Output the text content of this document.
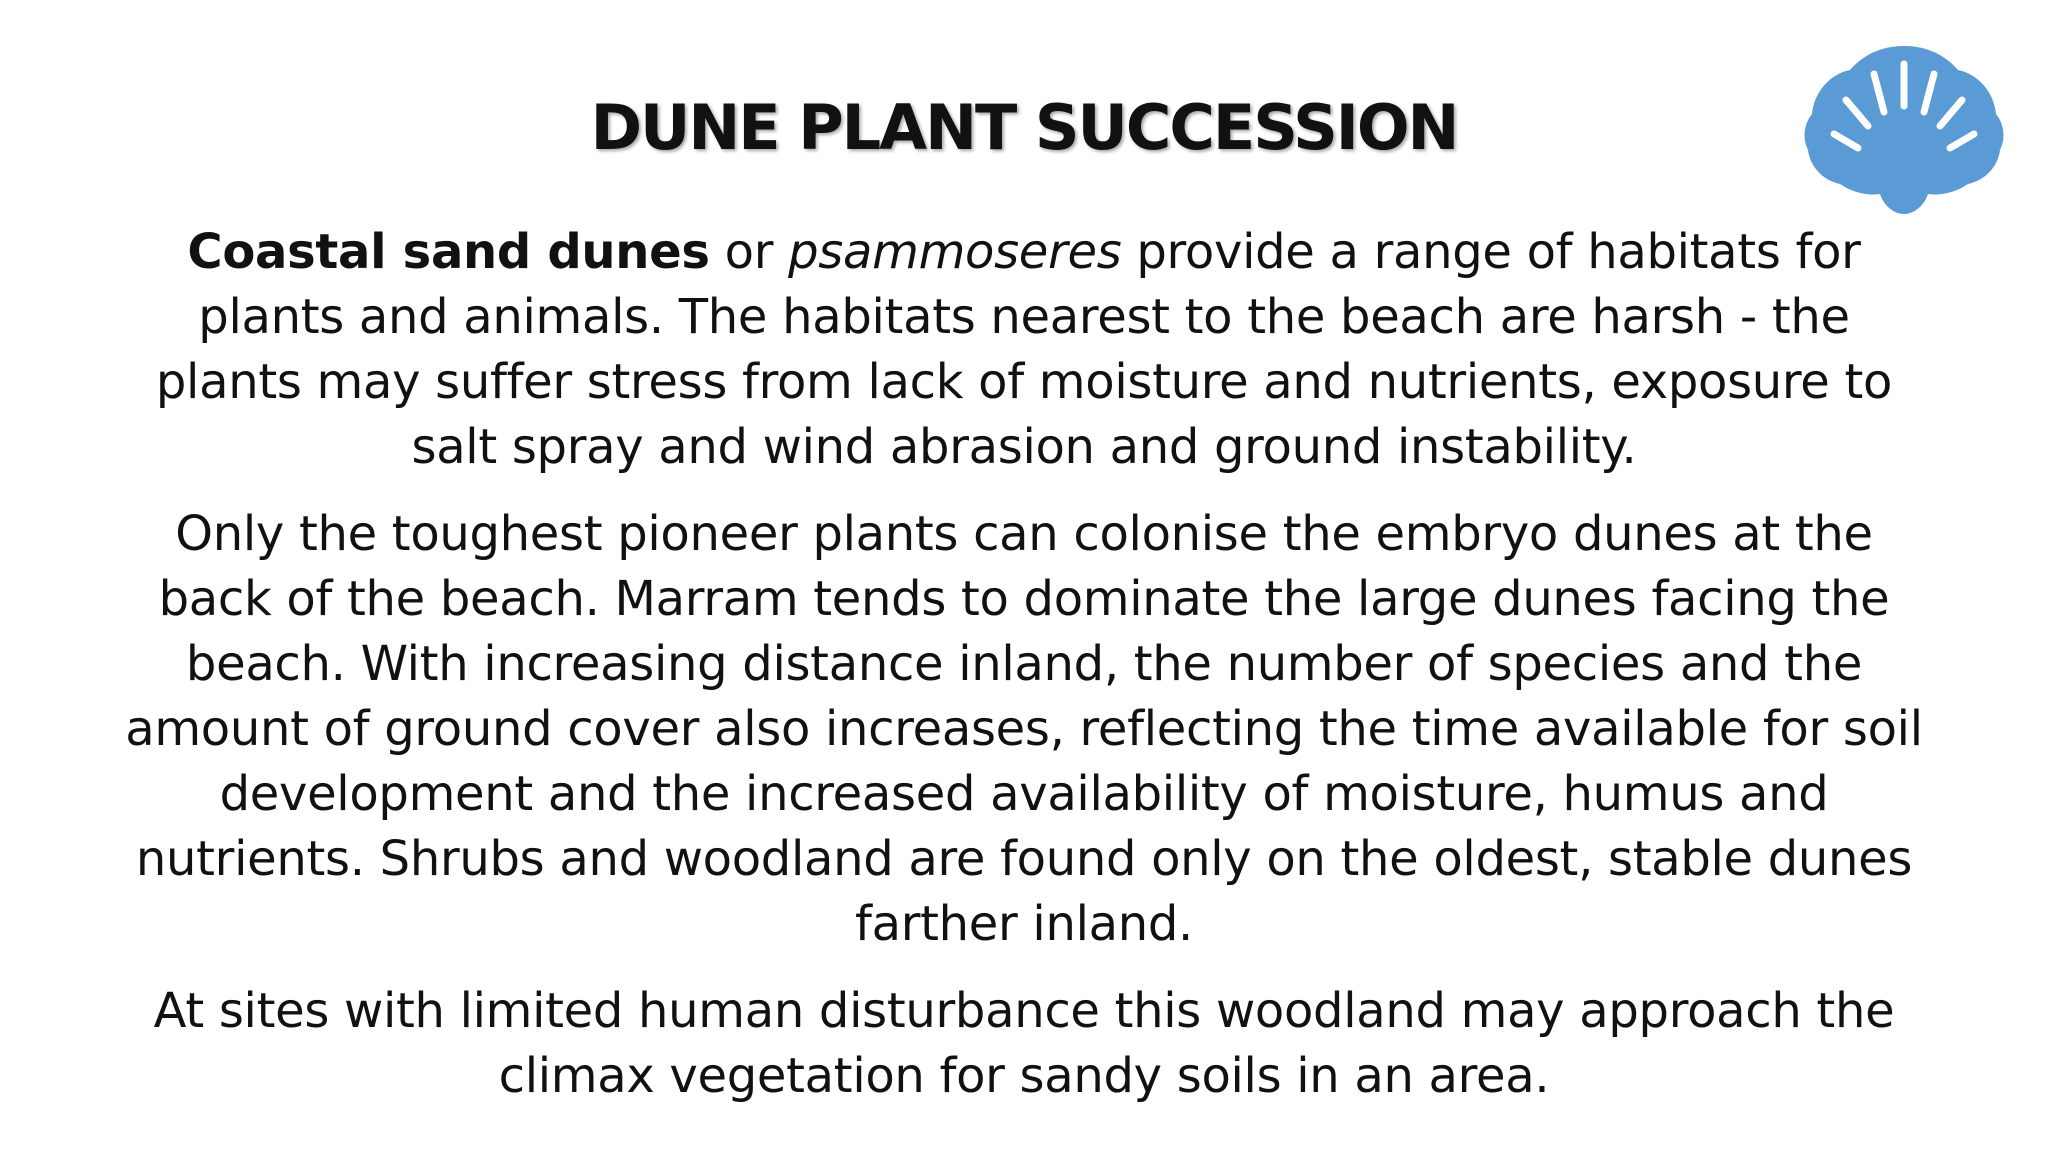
DUNE PLANT SUCCESSION

Coastal sand dunes or psammoseres provide a range of habitats for plants and animals. The habitats nearest to the beach are harsh - the plants may suffer stress from lack of moisture and nutrients, exposure to salt spray and wind abrasion and ground instability.

Only the toughest pioneer plants can colonise the embryo dunes at the back of the beach. Marram tends to dominate the large dunes facing the beach. With increasing distance inland, the number of species and the amount of ground cover also increases, reflecting the time available for soil development and the increased availability of moisture, humus and nutrients. Shrubs and woodland are found only on the oldest, stable dunes farther inland.

At sites with limited human disturbance this woodland may approach the climax vegetation for sandy soils in an area.
